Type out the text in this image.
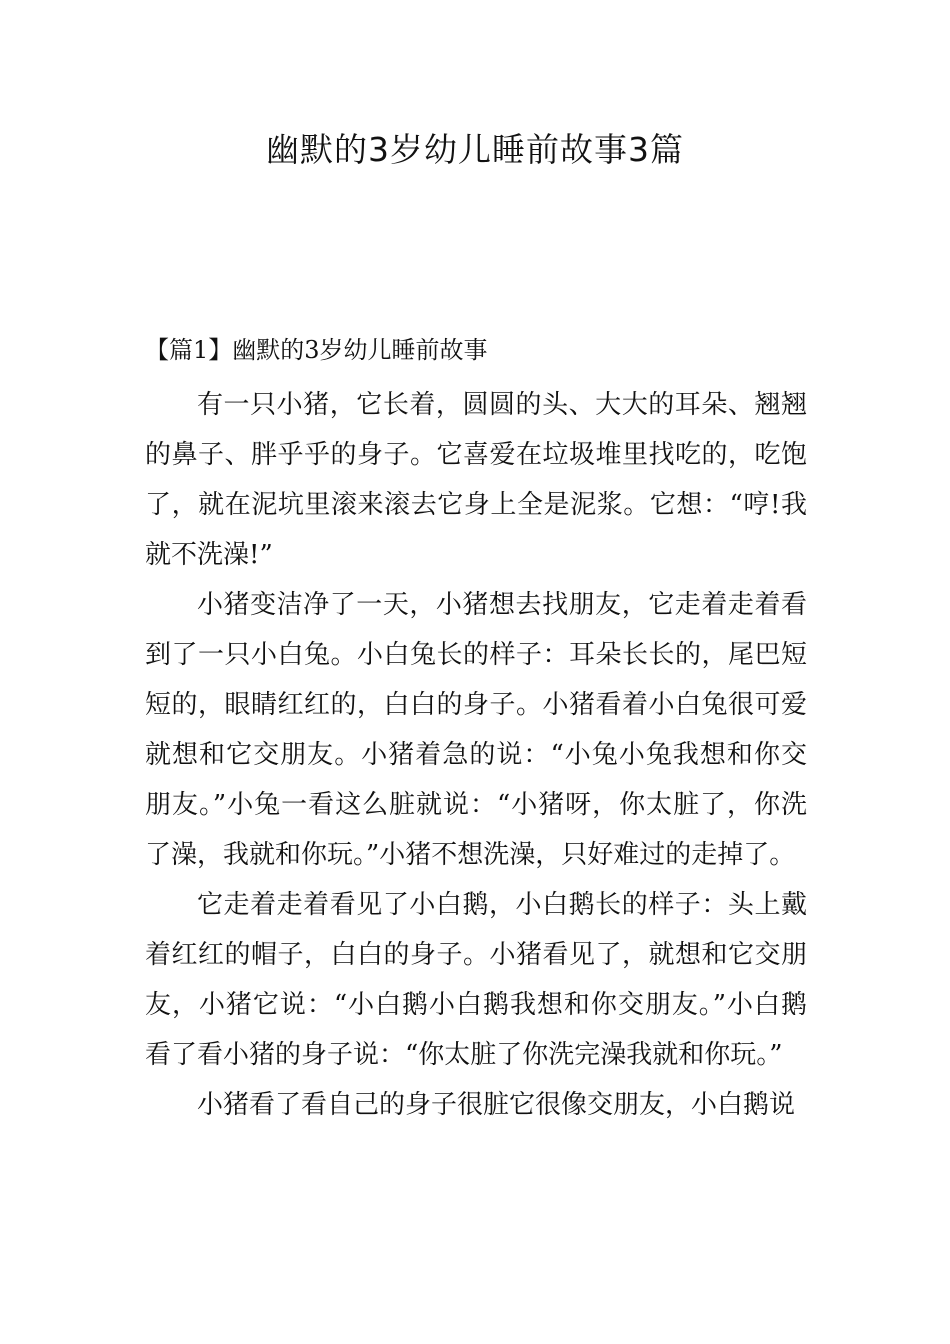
幽默的3岁幼儿睡前故事3篇
【篇1】幽默的3岁幼儿睡前故事

有一只小猪，它长着，圆圆的头、大大的耳朵、翘翘的鼻子、胖乎乎的身子。它喜爱在垃圾堆里找吃的，吃饱了，就在泥坑里滚来滚去它身上全是泥浆。它想：“哼!我就不洗澡!”

小猪变洁净了一天，小猪想去找朋友，它走着走着看到了一只小白兔。小白兔长的样子：耳朵长长的，尾巴短短的，眼睛红红的，白白的身子。小猪看着小白兔很可爱就想和它交朋友。小猪着急的说：“小兔小兔我想和你交朋友。”小兔一看这么脏就说：“小猪呀，你太脏了，你洗了澡，我就和你玩。”小猪不想洗澡，只好难过的走掉了。

它走着走着看见了小白鹅，小白鹅长的样子：头上戴着红红的帽子，白白的身子。小猪看见了，就想和它交朋友，小猪它说：“小白鹅小白鹅我想和你交朋友。”小白鹅看了看小猪的身子说：“你太脏了你洗完澡我就和你玩。”

小猪看了看自己的身子很脏它很像交朋友，小白鹅说
